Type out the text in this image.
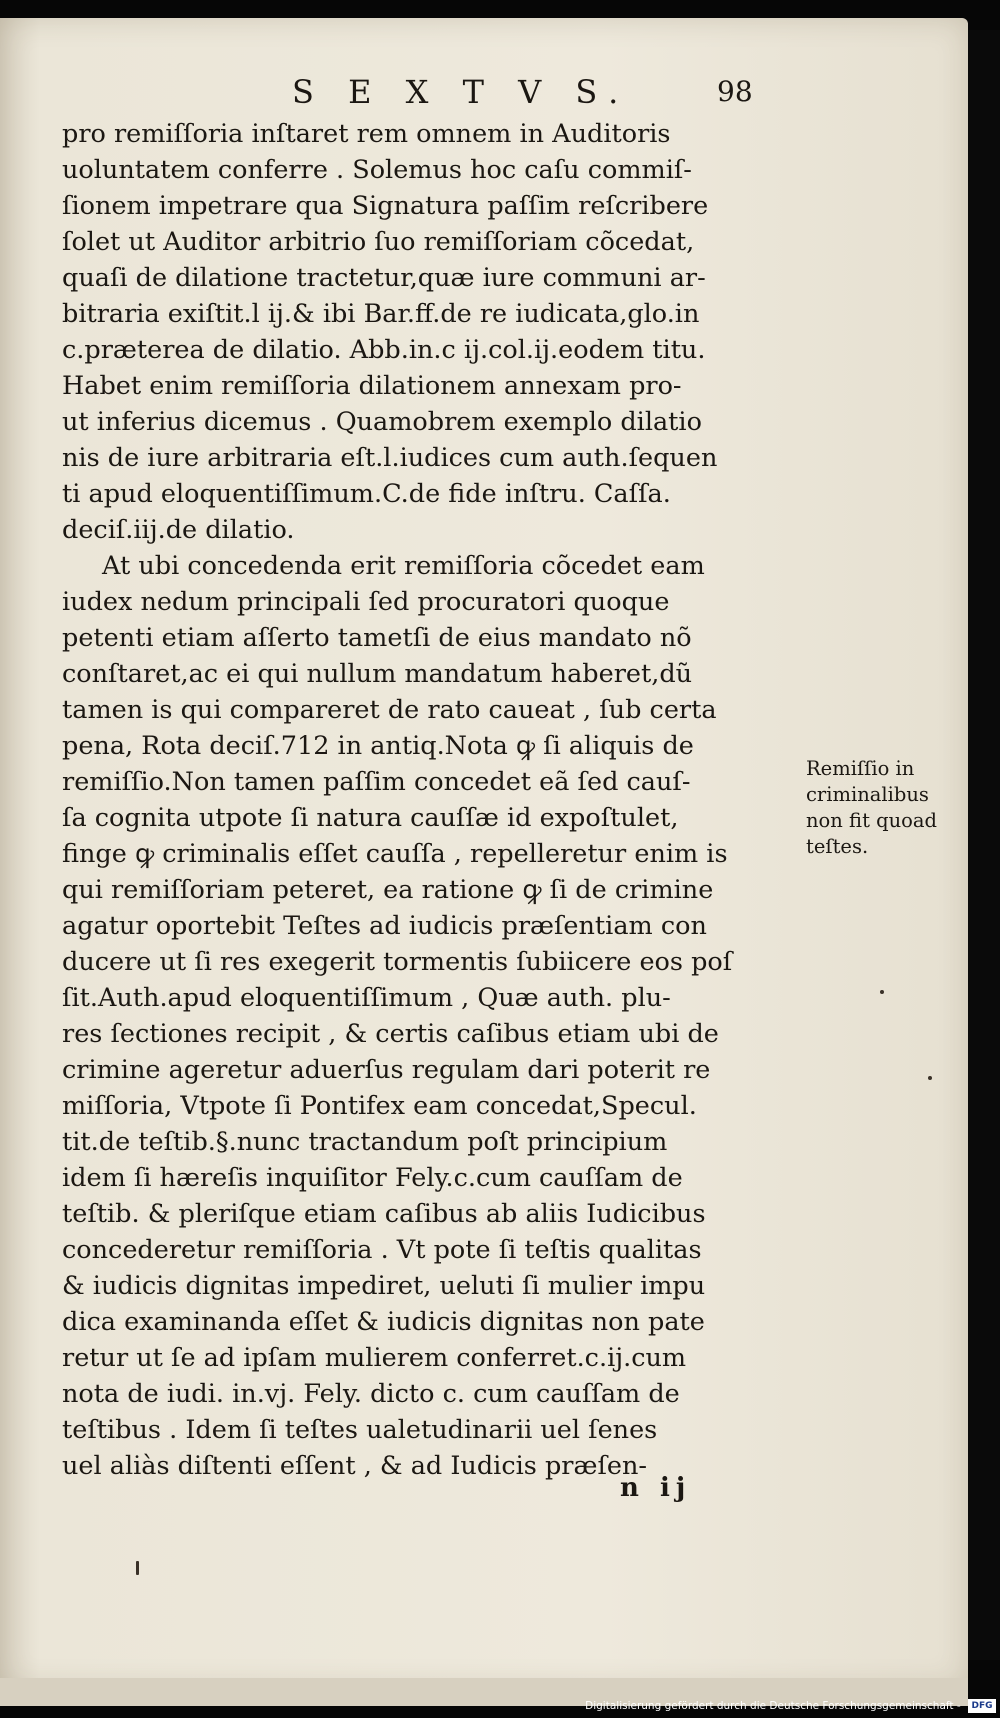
S E X T V S.	98
pro remiſſoria inſtaret rem omnem in Auditoris
uoluntatem conferre . Solemus hoc caſu commiſ-
ſionem impetrare qua Signatura paſſim reſcribere
ſolet ut Auditor arbitrio ſuo remiſſoriam cõcedat,
quaſi de dilatione tractetur,quæ iure communi ar-
bitraria exiſtit.l ij.& ibi Bar.ff.de re iudicata,glo.in
c.præterea de dilatio. Abb.in.c ij.col.ij.eodem titu.
Habet enim remiſſoria dilationem annexam pro-
ut inferius dicemus . Quamobrem exemplo dilatio
nis de iure arbitraria eſt.l.iudices cum auth.ſequen
ti apud eloquentiſſimum.C.de fide inſtru. Caſſa.
deciſ.iij.de dilatio.
At ubi concedenda erit remiſſoria cõcedet eam
iudex nedum principali ſed procuratori quoque
petenti etiam aſſerto tametſi de eius mandato nõ
conſtaret,ac ei qui nullum mandatum haberet,dũ
tamen is qui compareret de rato caueat , ſub certa
pena, Rota deciſ.712 in antiq.Nota ꝙ ſi aliquis de
remiſſio.Non tamen paſſim concedet eã ſed cauſ-
ſa cognita utpote ſi natura cauſſæ id expoſtulet,
finge ꝙ criminalis eſſet cauſſa , repelleretur enim is
qui remiſſoriam peteret, ea ratione ꝙ ſi de crimine
agatur oportebit Teſtes ad iudicis præſentiam con
ducere ut ſi res exegerit tormentis ſubiicere eos poſ
ſit.Auth.apud eloquentiſſimum , Quæ auth. plu-
res ſectiones recipit , & certis caſibus etiam ubi de
crimine ageretur aduerſus regulam dari poterit re
miſſoria, Vtpote ſi Pontifex eam concedat,Specul.
tit.de teſtib.§.nunc tractandum poſt principium
idem ſi hæreſis inquiſitor Fely.c.cum cauſſam de
teſtib. & pleriſque etiam caſibus ab aliis Iudicibus
concederetur remiſſoria . Vt pote ſi teſtis qualitas
& iudicis dignitas impediret, ueluti ſi mulier impu
dica examinanda eſſet & iudicis dignitas non pate
retur ut ſe ad ipſam mulierem conferret.c.ij.cum
nota de iudi. in.vj. Fely. dicto c. cum cauſſam de
teſtibus . Idem ſi teſtes ualetudinarii uel ſenes
uel aliàs diſtenti eſſent , & ad Iudicis præſen-
n ij
Remiſſio in
criminalibus
non fit quoad
teſtes.
Digitalisierung gefördert durch die Deutsche Forschungsgemeinschaft - DFG
